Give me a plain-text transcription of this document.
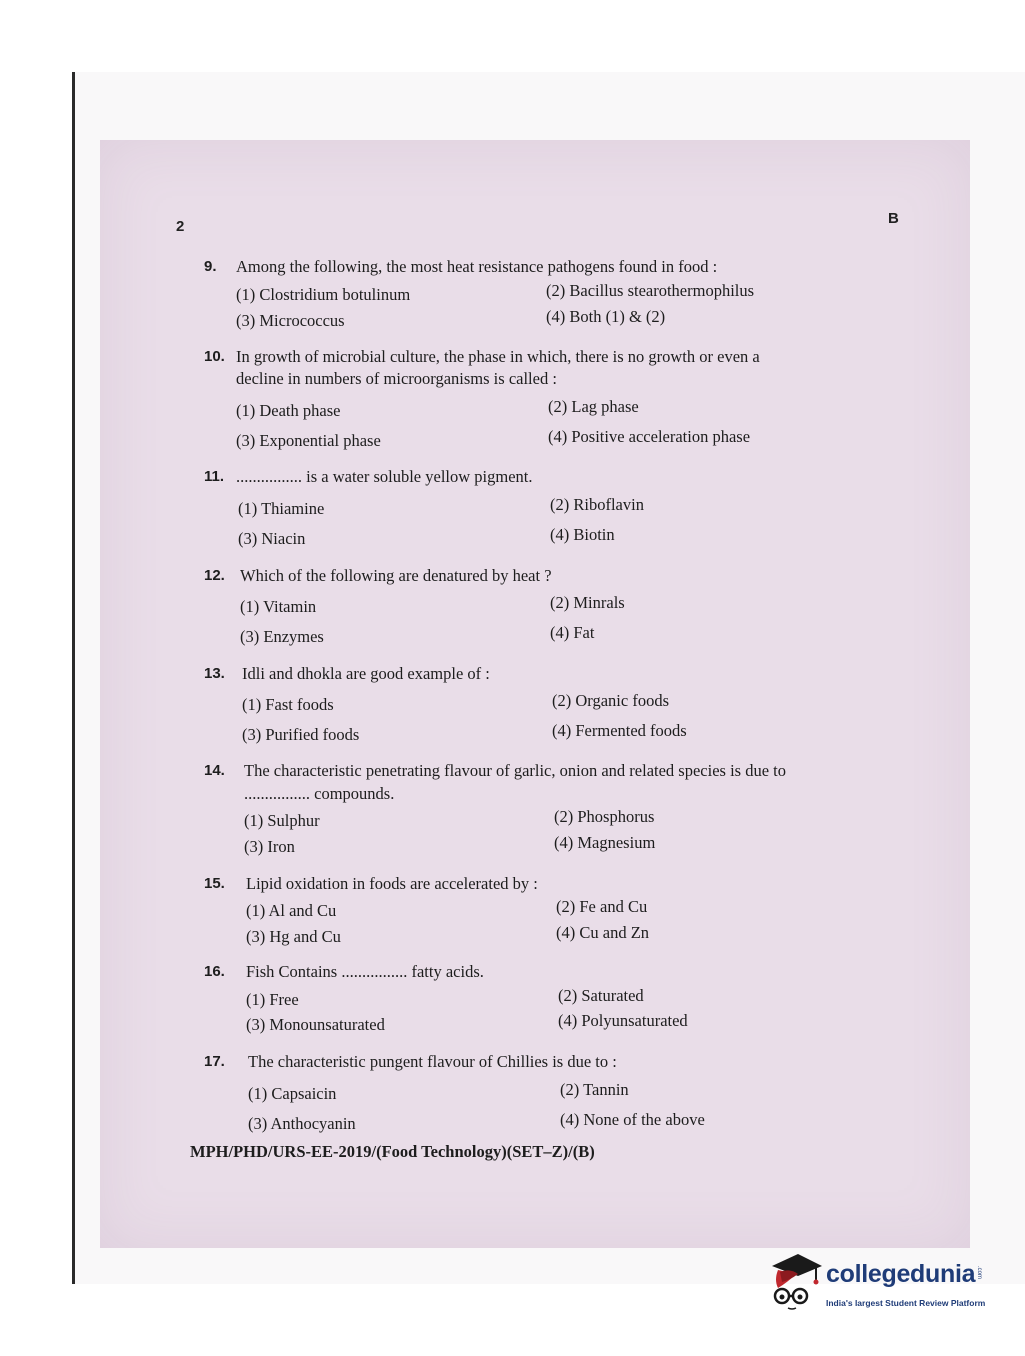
2	B
9. Among the following, the most heat resistance pathogens found in food :
(1) Clostridium botulinum	(2) Bacillus stearothermophilus
(3) Micrococcus	(4) Both (1) & (2)
10. In growth of microbial culture, the phase in which, there is no growth or even a
decline in numbers of microorganisms is called :
(1) Death phase	(2) Lag phase
(3) Exponential phase	(4) Positive acceleration phase
11. ................ is a water soluble yellow pigment.
(1) Thiamine	(2) Riboflavin
(3) Niacin	(4) Biotin
12. Which of the following are denatured by heat ?
(1) Vitamin	(2) Minrals
(3) Enzymes	(4) Fat
13. Idli and dhokla are good example of :
(1) Fast foods	(2) Organic foods
(3) Purified foods	(4) Fermented foods
14. The characteristic penetrating flavour of garlic, onion and related species is due to
................ compounds.
(1) Sulphur	(2) Phosphorus
(3) Iron	(4) Magnesium
15. Lipid oxidation in foods are accelerated by :
(1) Al and Cu	(2) Fe and Cu
(3) Hg and Cu	(4) Cu and Zn
16. Fish Contains ................ fatty acids.
(1) Free	(2) Saturated
(3) Monounsaturated	(4) Polyunsaturated
17. The characteristic pungent flavour of Chillies is due to :
(1) Capsaicin	(2) Tannin
(3) Anthocyanin	(4) None of the above
MPH/PHD/URS-EE-2019/(Food Technology)(SET–Z)/(B)
collegedunia .com
India's largest Student Review Platform
